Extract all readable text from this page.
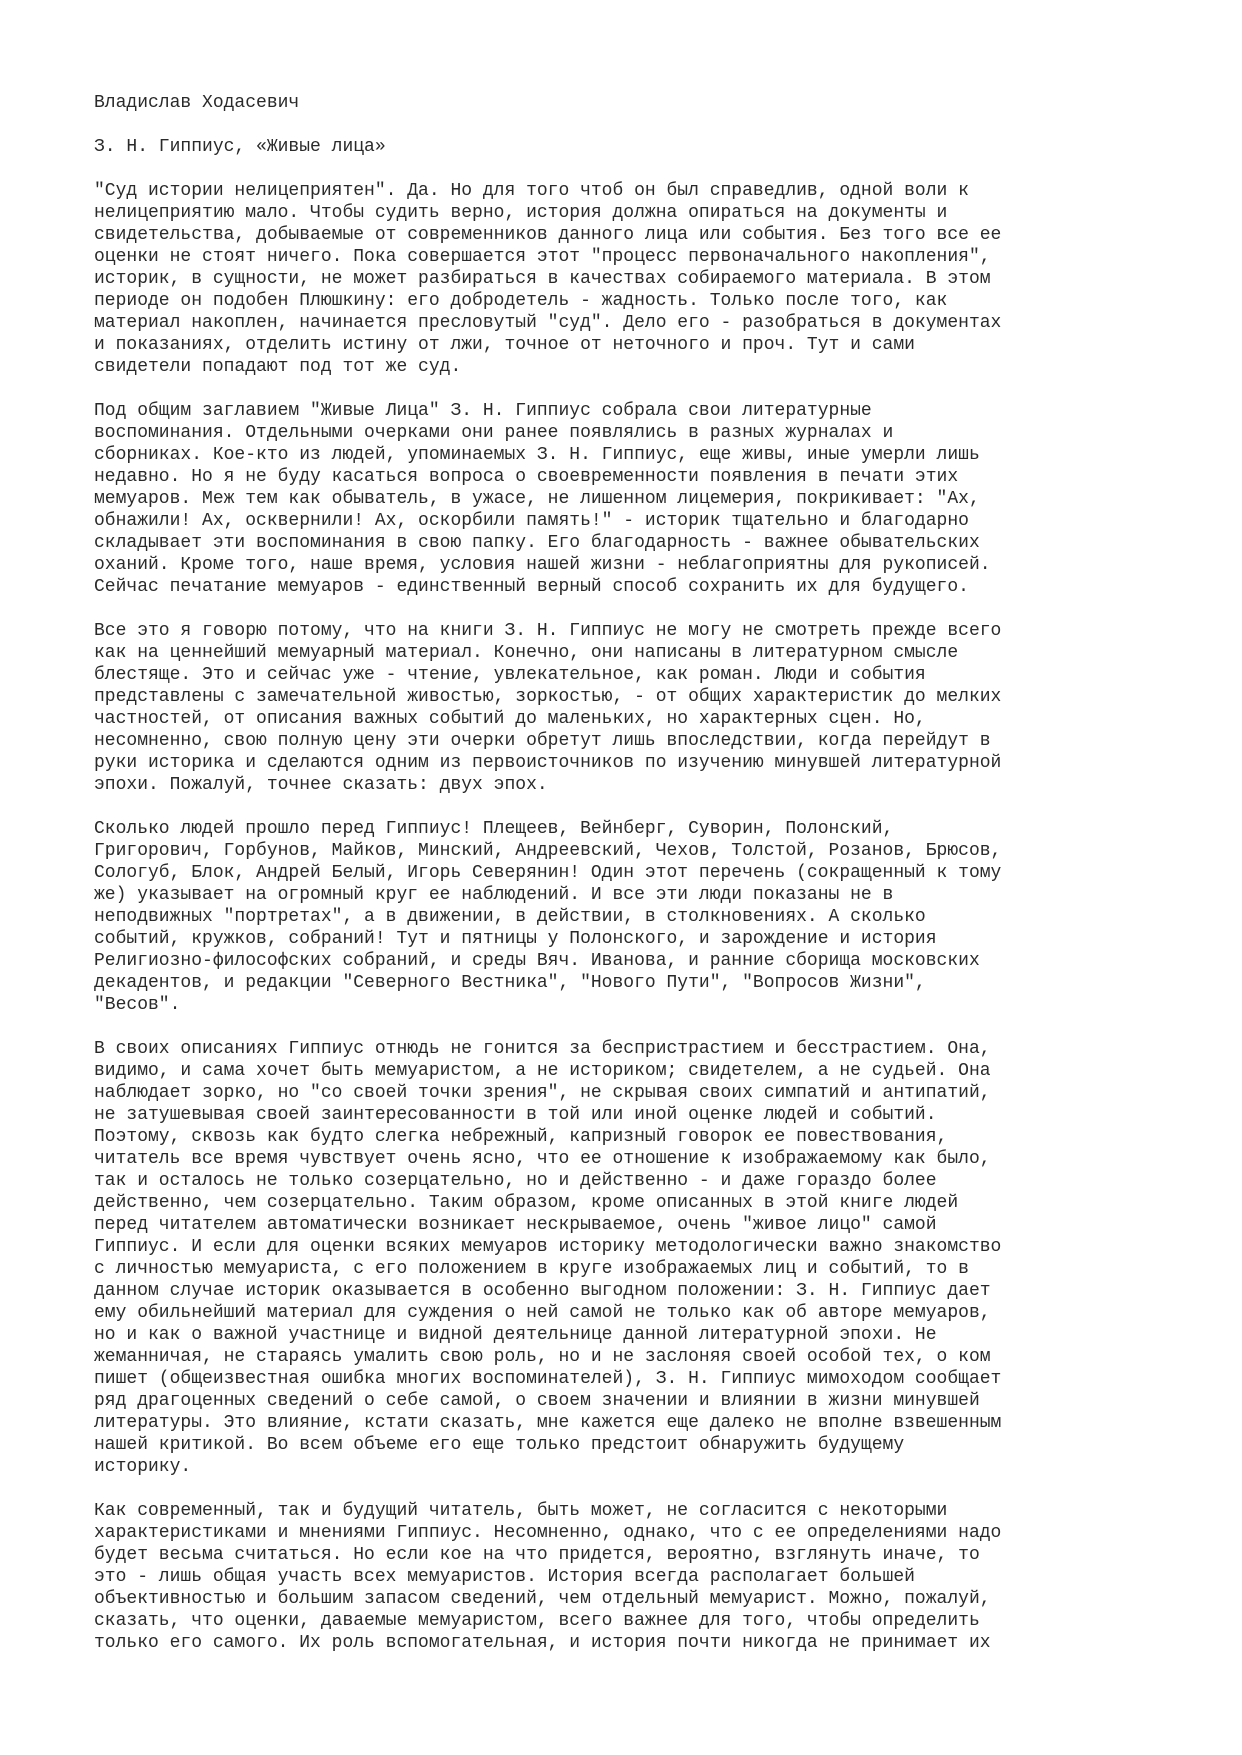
Владислав Ходасевич
З. Н. Гиппиус, «Живые лица»
"Суд истории нелицеприятен". Да. Но для того чтоб он был справедлив, одной воли к
нелицеприятию мало. Чтобы судить верно, история должна опираться на документы и
свидетельства, добываемые от современников данного лица или события. Без того все ее
оценки не стоят ничего. Пока совершается этот "процесс первоначального накопления",
историк, в сущности, не может разбираться в качествах собираемого материала. В этом
периоде он подобен Плюшкину: его добродетель - жадность. Только после того, как
материал накоплен, начинается пресловутый "суд". Дело его - разобраться в документах
и показаниях, отделить истину от лжи, точное от неточного и проч. Тут и сами
свидетели попадают под тот же суд.
Под общим заглавием "Живые Лица" З. Н. Гиппиус собрала свои литературные
воспоминания. Отдельными очерками они ранее появлялись в разных журналах и
сборниках. Кое-кто из людей, упоминаемых З. Н. Гиппиус, еще живы, иные умерли лишь
недавно. Но я не буду касаться вопроса о своевременности появления в печати этих
мемуаров. Меж тем как обыватель, в ужасе, не лишенном лицемерия, покрикивает: "Ах,
обнажили! Ах, осквернили! Ах, оскорбили память!" - историк тщательно и благодарно
складывает эти воспоминания в свою папку. Его благодарность - важнее обывательских
оханий. Кроме того, наше время, условия нашей жизни - неблагоприятны для рукописей.
Сейчас печатание мемуаров - единственный верный способ сохранить их для будущего.
Все это я говорю потому, что на книги З. Н. Гиппиус не могу не смотреть прежде всего
как на ценнейший мемуарный материал. Конечно, они написаны в литературном смысле
блестяще. Это и сейчас уже - чтение, увлекательное, как роман. Люди и события
представлены с замечательной живостью, зоркостью, - от общих характеристик до мелких
частностей, от описания важных событий до маленьких, но характерных сцен. Но,
несомненно, свою полную цену эти очерки обретут лишь впоследствии, когда перейдут в
руки историка и сделаются одним из первоисточников по изучению минувшей литературной
эпохи. Пожалуй, точнее сказать: двух эпох.
Сколько людей прошло перед Гиппиус! Плещеев, Вейнберг, Суворин, Полонский,
Григорович, Горбунов, Майков, Минский, Андреевский, Чехов, Толстой, Розанов, Брюсов,
Сологуб, Блок, Андрей Белый, Игорь Северянин! Один этот перечень (сокращенный к тому
же) указывает на огромный круг ее наблюдений. И все эти люди показаны не в
неподвижных "портретах", а в движении, в действии, в столкновениях. А сколько
событий, кружков, собраний! Тут и пятницы у Полонского, и зарождение и история
Религиозно-философских собраний, и среды Вяч. Иванова, и ранние сборища московских
декадентов, и редакции "Северного Вестника", "Нового Пути", "Вопросов Жизни",
"Весов".
В своих описаниях Гиппиус отнюдь не гонится за беспристрастием и бесстрастием. Она,
видимо, и сама хочет быть мемуаристом, а не историком; свидетелем, а не судьей. Она
наблюдает зорко, но "со своей точки зрения", не скрывая своих симпатий и антипатий,
не затушевывая своей заинтересованности в той или иной оценке людей и событий.
Поэтому, сквозь как будто слегка небрежный, капризный говорок ее повествования,
читатель все время чувствует очень ясно, что ее отношение к изображаемому как было,
так и осталось не только созерцательно, но и действенно - и даже гораздо более
действенно, чем созерцательно. Таким образом, кроме описанных в этой книге людей
перед читателем автоматически возникает нескрываемое, очень "живое лицо" самой
Гиппиус. И если для оценки всяких мемуаров историку методологически важно знакомство
с личностью мемуариста, с его положением в круге изображаемых лиц и событий, то в
данном случае историк оказывается в особенно выгодном положении: З. Н. Гиппиус дает
ему обильнейший материал для суждения о ней самой не только как об авторе мемуаров,
но и как о важной участнице и видной деятельнице данной литературной эпохи. Не
жеманничая, не стараясь умалить свою роль, но и не заслоняя своей особой тех, о ком
пишет (общеизвестная ошибка многих воспоминателей), З. Н. Гиппиус мимоходом сообщает
ряд драгоценных сведений о себе самой, о своем значении и влиянии в жизни минувшей
литературы. Это влияние, кстати сказать, мне кажется еще далеко не вполне взвешенным
нашей критикой. Во всем объеме его еще только предстоит обнаружить будущему
историку.
Как современный, так и будущий читатель, быть может, не согласится с некоторыми
характеристиками и мнениями Гиппиус. Несомненно, однако, что с ее определениями надо
будет весьма считаться. Но если кое на что придется, вероятно, взглянуть иначе, то
это - лишь общая участь всех мемуаристов. История всегда располагает большей
объективностью и большим запасом сведений, чем отдельный мемуарист. Можно, пожалуй,
сказать, что оценки, даваемые мемуаристом, всего важнее для того, чтобы определить
только его самого. Их роль вспомогательная, и история почти никогда не принимает их
